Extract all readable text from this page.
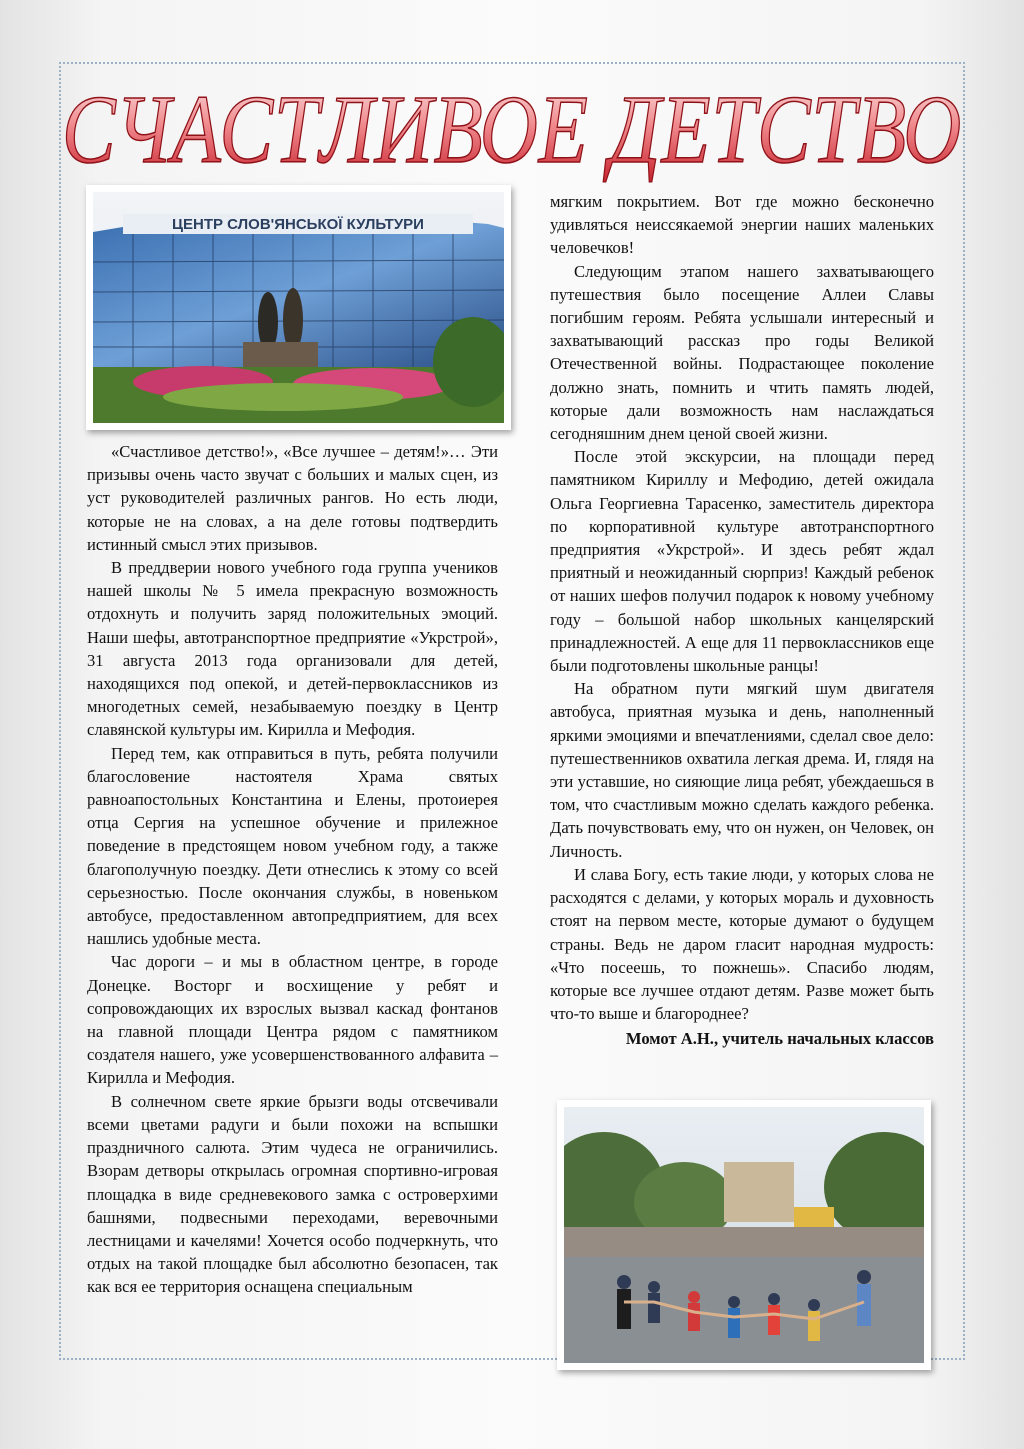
СЧАСТЛИВОЕ ДЕТСТВО
ЦЕНТР СЛОВ'ЯНСЬКОЇ КУЛЬТУРИ

«Счастливое детство!», «Все лучшее – детям!»… Эти призывы очень часто звучат с больших и малых сцен, из уст руководителей различных рангов. Но есть люди, которые не на словах, а на деле готовы подтвердить истинный смысл этих призывов.

В преддверии нового учебного года группа учеников нашей школы № 5 имела прекрасную возможность отдохнуть и получить заряд положительных эмоций. Наши шефы, автотранспортное предприятие «Укрстрой», 31 августа 2013 года организовали для детей, находящихся под опекой, и детей-первоклассников из многодетных семей, незабываемую поездку в Центр славянской культуры им. Кирилла и Мефодия.

Перед тем, как отправиться в путь, ребята получили благословение настоятеля Храма святых равноапостольных Константина и Елены, протоиерея отца Сергия на успешное обучение и прилежное поведение в предстоящем новом учебном году, а также благополучную поездку. Дети отнеслись к этому со всей серьезностью. После окончания службы, в новеньком автобусе, предоставленном автопредприятием, для всех нашлись удобные места.

Час дороги – и мы в областном центре, в городе Донецке. Восторг и восхищение у ребят и сопровождающих их взрослых вызвал каскад фонтанов на главной площади Центра рядом с памятником создателя нашего, уже усовершенствованного алфавита – Кирилла и Мефодия.

В солнечном свете яркие брызги воды отсвечивали всеми цветами радуги и были похожи на вспышки праздничного салюта. Этим чудеса не ограничились. Взорам детворы открылась огромная спортивно-игровая площадка в виде средневекового замка с островерхими башнями, подвесными переходами, веревочными лестницами и качелями! Хочется особо подчеркнуть, что отдых на такой площадке был абсолютно безопасен, так как вся ее территория оснащена специальным

мягким покрытием. Вот где можно бесконечно удивляться неиссякаемой энергии наших маленьких человечков!

Следующим этапом нашего захватывающего путешествия было посещение Аллеи Славы погибшим героям. Ребята услышали интересный и захватывающий рассказ про годы Великой Отечественной войны. Подрастающее поколение должно знать, помнить и чтить память людей, которые дали возможность нам наслаждаться сегодняшним днем ценой своей жизни.

После этой экскурсии, на площади перед памятником Кириллу и Мефодию, детей ожидала Ольга Георгиевна Тарасенко, заместитель директора по корпоративной культуре автотранспортного предприятия «Укрстрой». И здесь ребят ждал приятный и неожиданный сюрприз! Каждый ребенок от наших шефов получил подарок к новому учебному году – большой набор школьных канцелярский принадлежностей. А еще для 11 первоклассников еще были подготовлены школьные ранцы!

На обратном пути мягкий шум двигателя автобуса, приятная музыка и день, наполненный яркими эмоциями и впечатлениями, сделал свое дело: путешественников охватила легкая дрема. И, глядя на эти уставшие, но сияющие лица ребят, убеждаешься в том, что счастливым можно сделать каждого ребенка. Дать почувствовать ему, что он нужен, он Человек, он Личность.

И слава Богу, есть такие люди, у которых слова не расходятся с делами, у которых мораль и духовность стоят на первом месте, которые думают о будущем страны. Ведь не даром гласит народная мудрость: «Что посеешь, то пожнешь». Спасибо людям, которые все лучшее отдают детям. Разве может быть что-то выше и благороднее?

Момот А.Н., учитель начальных классов
